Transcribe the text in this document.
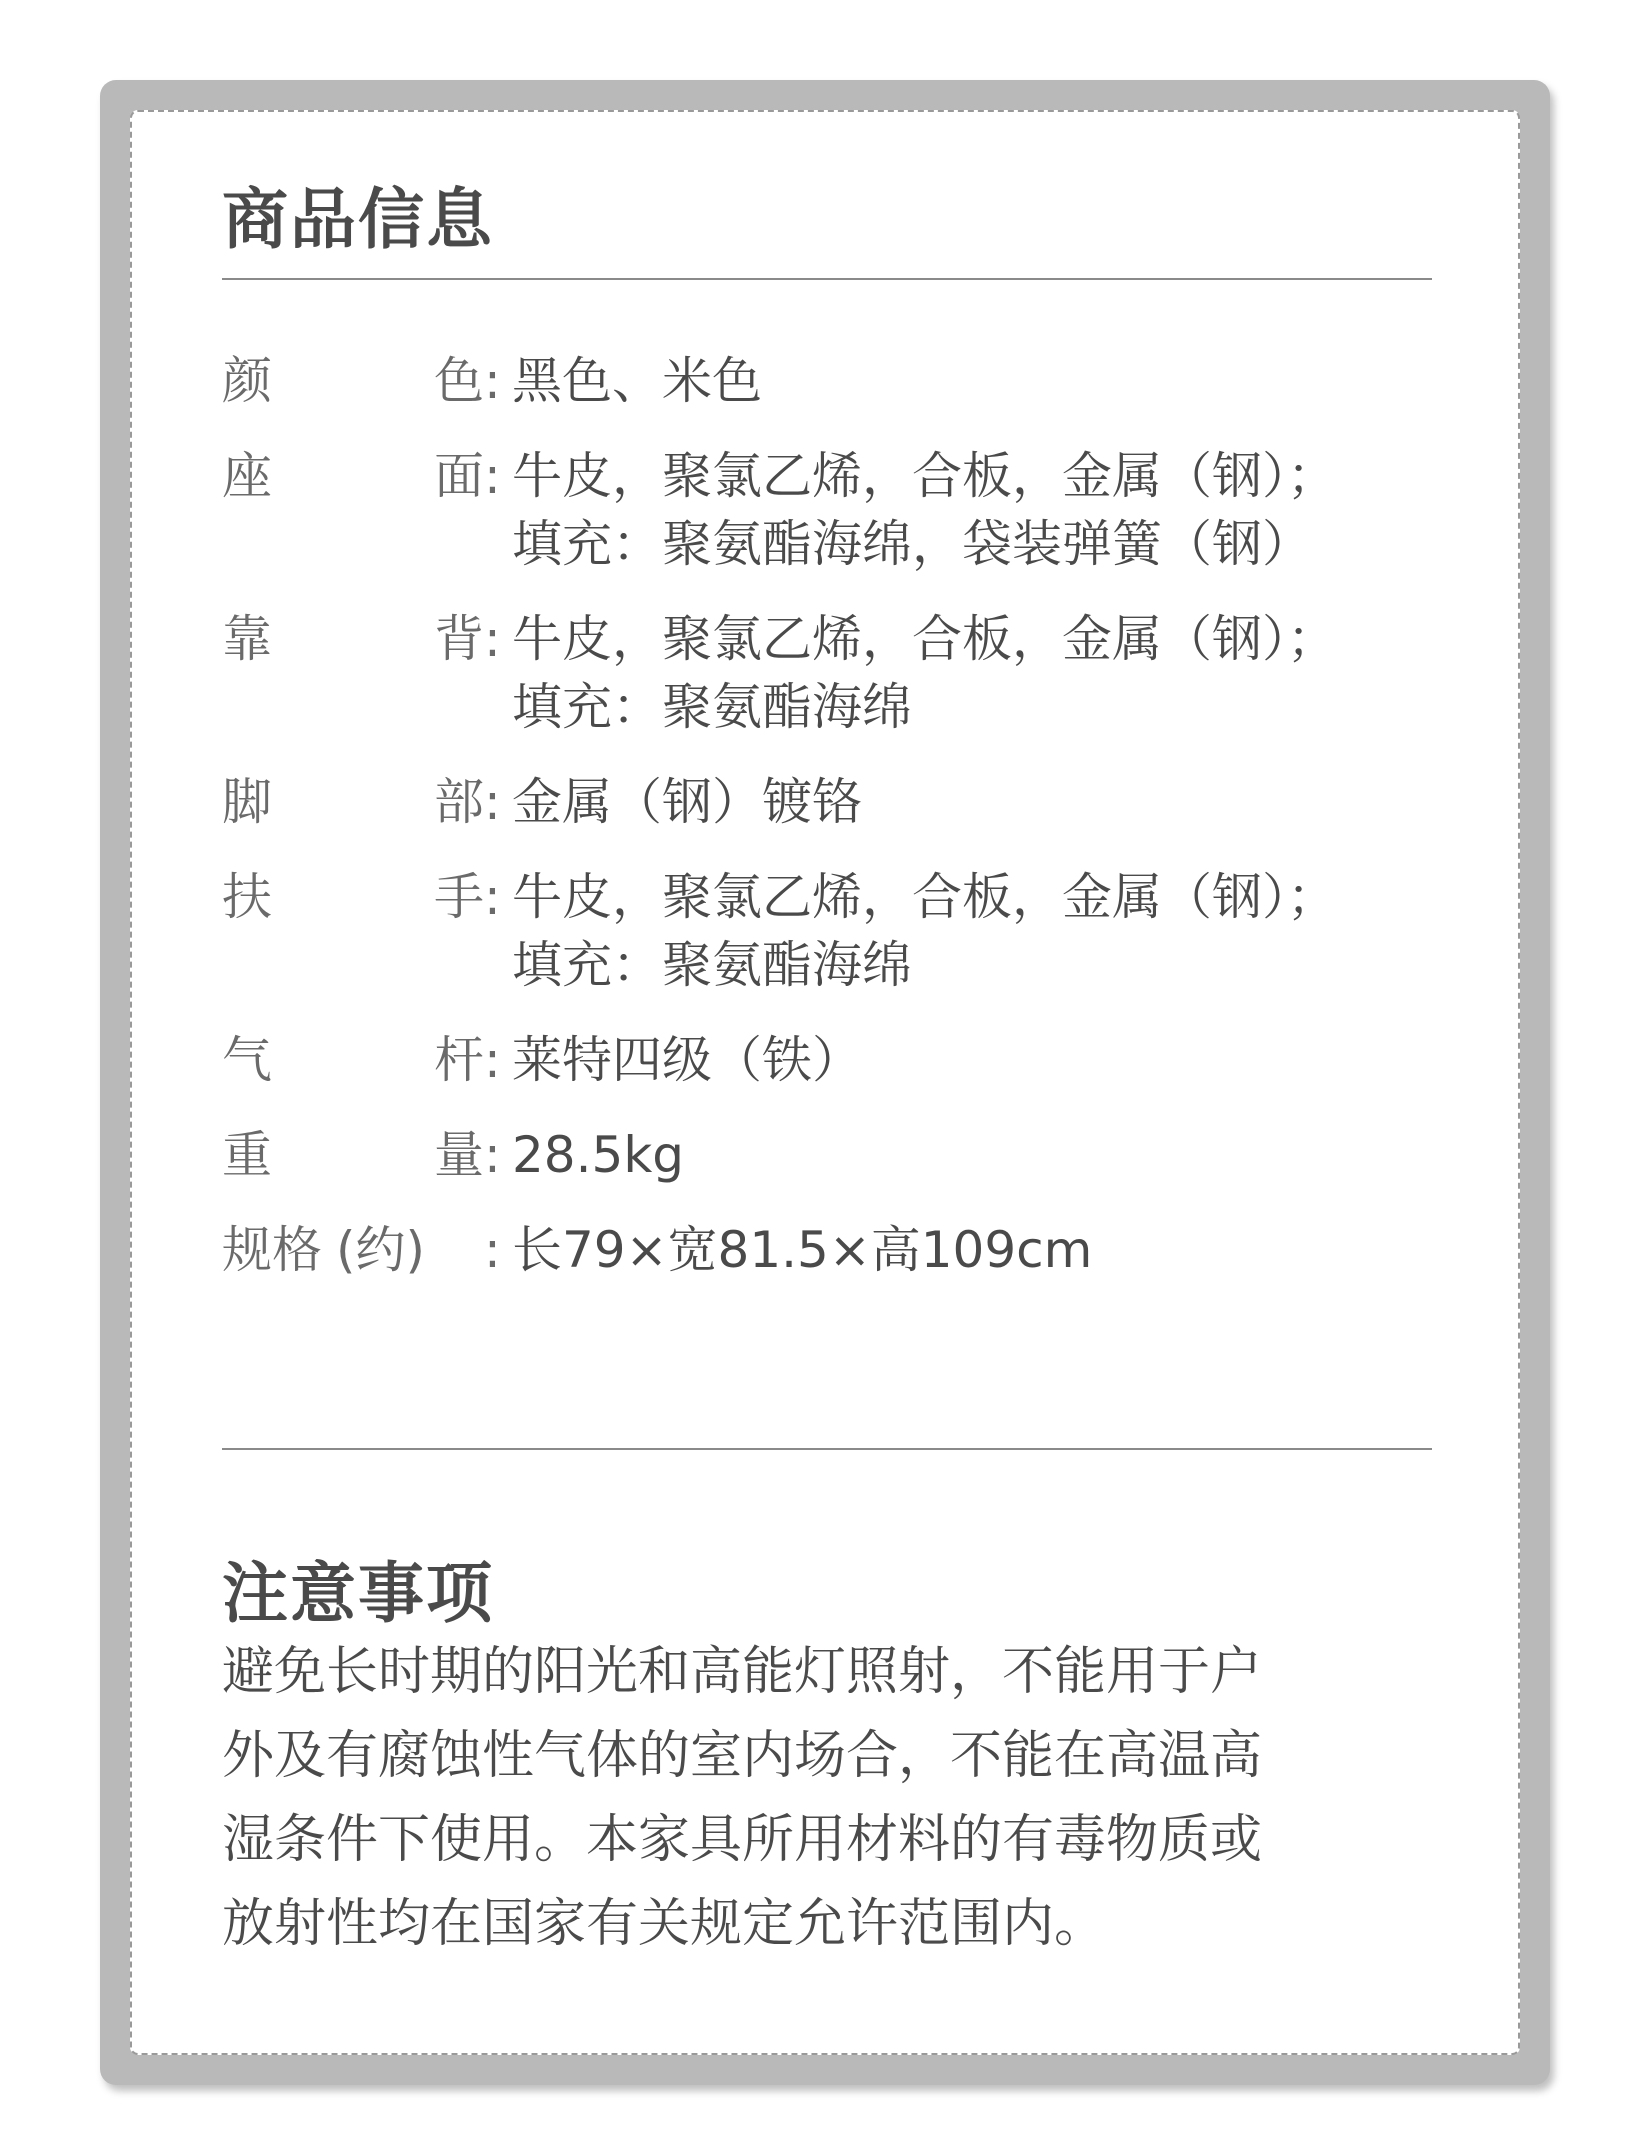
商品信息
颜	色 : 黑色、米色
座	面 : 牛皮，聚氯乙烯，合板，金属（钢）；
填充：聚氨酯海绵，袋装弹簧（钢）
靠	背 : 牛皮，聚氯乙烯，合板，金属（钢）；
填充：聚氨酯海绵
脚	部 : 金属（钢）镀铬
扶	手 : 牛皮，聚氯乙烯，合板，金属（钢）；
填充：聚氨酯海绵
气	杆 : 莱特四级（铁）
重	量 : 28.5kg
规格 (约) : 长79×宽81.5×高109cm
注意事项
避免长时期的阳光和高能灯照射，不能用于户
外及有腐蚀性气体的室内场合，不能在高温高
湿条件下使用。本家具所用材料的有毒物质或
放射性均在国家有关规定允许范围内。
